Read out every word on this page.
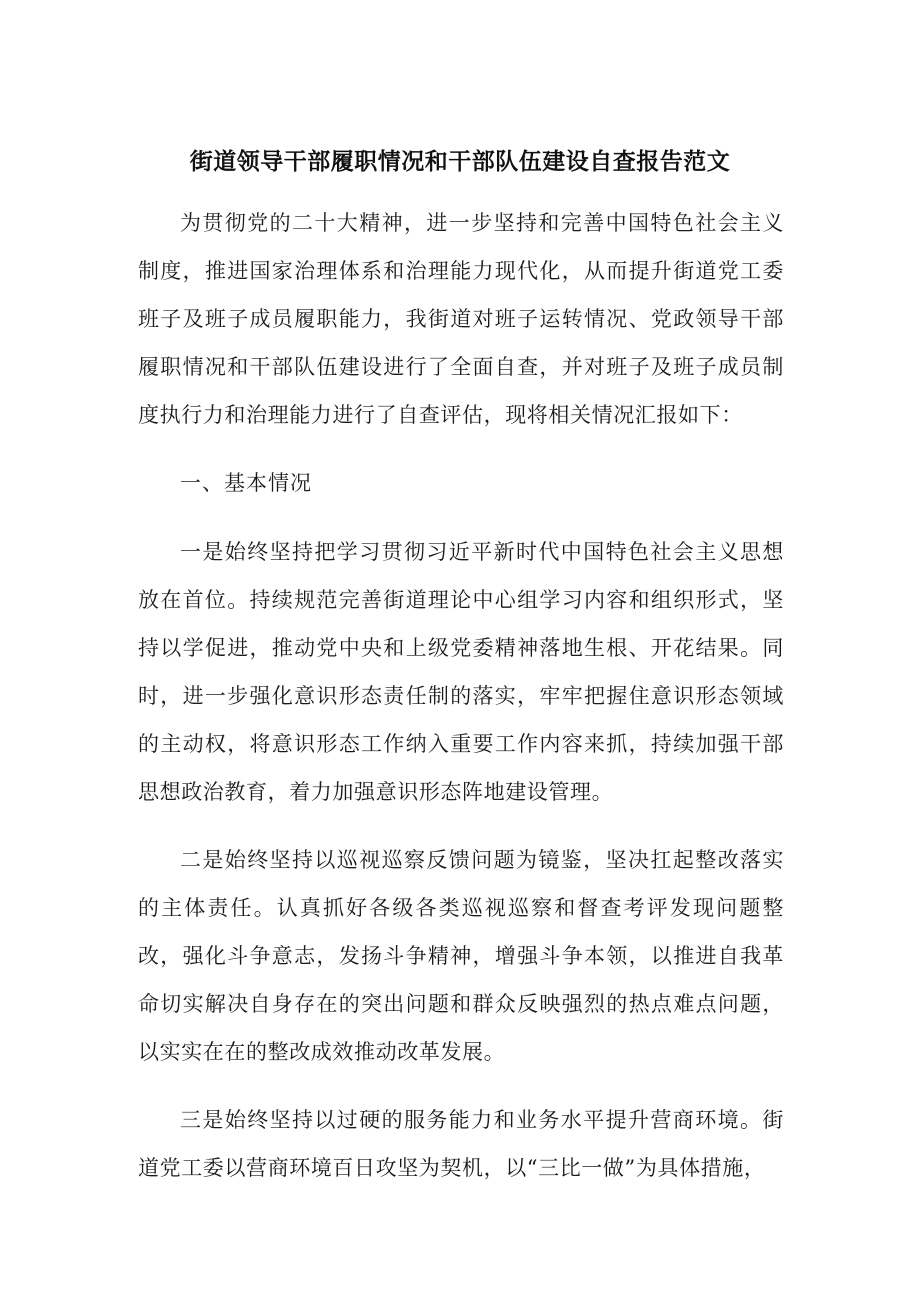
街道领导干部履职情况和干部队伍建设自查报告范文

为贯彻党的二十大精神，进一步坚持和完善中国特色社会主义制度，推进国家治理体系和治理能力现代化，从而提升街道党工委班子及班子成员履职能力，我街道对班子运转情况、党政领导干部履职情况和干部队伍建设进行了全面自查，并对班子及班子成员制度执行力和治理能力进行了自查评估，现将相关情况汇报如下：

一、基本情况

一是始终坚持把学习贯彻习近平新时代中国特色社会主义思想放在首位。持续规范完善街道理论中心组学习内容和组织形式，坚持以学促进，推动党中央和上级党委精神落地生根、开花结果。同时，进一步强化意识形态责任制的落实，牢牢把握住意识形态领域的主动权，将意识形态工作纳入重要工作内容来抓，持续加强干部思想政治教育，着力加强意识形态阵地建设管理。

二是始终坚持以巡视巡察反馈问题为镜鉴，坚决扛起整改落实的主体责任。认真抓好各级各类巡视巡察和督查考评发现问题整改，强化斗争意志，发扬斗争精神，增强斗争本领，以推进自我革命切实解决自身存在的突出问题和群众反映强烈的热点难点问题，以实实在在的整改成效推动改革发展。

三是始终坚持以过硬的服务能力和业务水平提升营商环境。街道党工委以营商环境百日攻坚为契机，以“三比一做”为具体措施，
